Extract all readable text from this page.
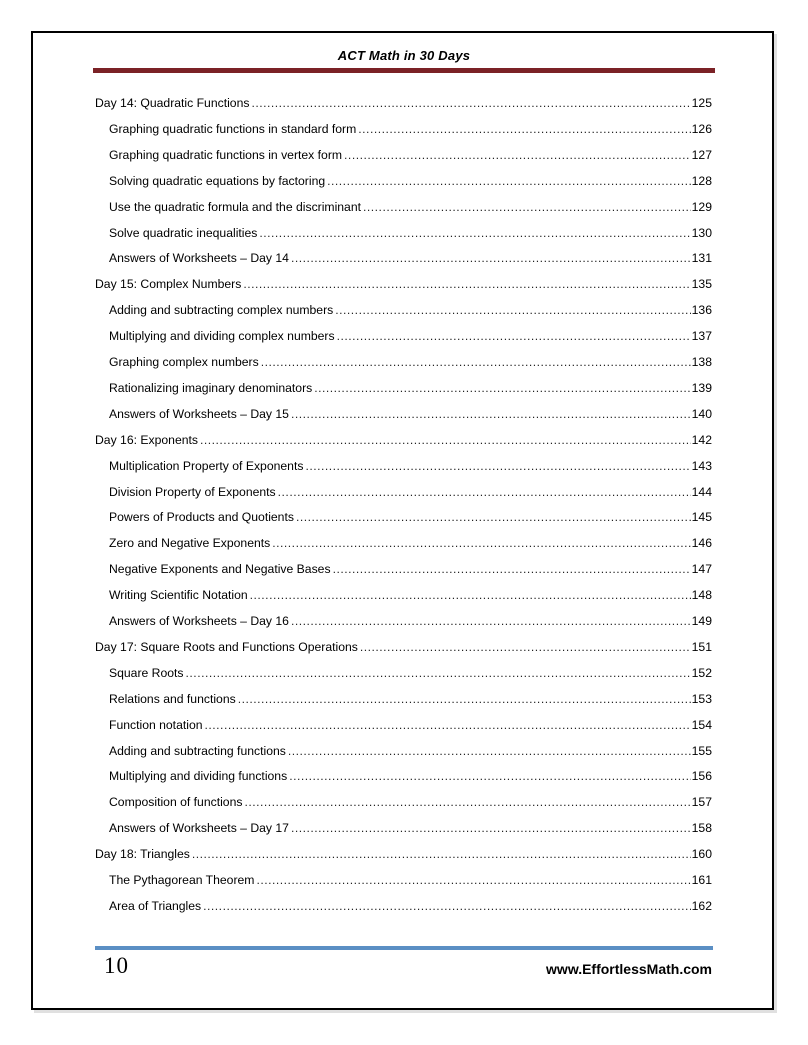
ACT Math in 30 Days
Day 14: Quadratic Functions .....	125
Graphing quadratic functions in standard form .....	126
Graphing quadratic functions in vertex form .....	127
Solving quadratic equations by factoring .....	128
Use the quadratic formula and the discriminant .....	129
Solve quadratic inequalities .....	130
Answers of Worksheets – Day 14 .....	131
Day 15: Complex Numbers .....	135
Adding and subtracting complex numbers .....	136
Multiplying and dividing complex numbers .....	137
Graphing complex numbers .....	138
Rationalizing imaginary denominators .....	139
Answers of Worksheets – Day 15 .....	140
Day 16: Exponents .....	142
Multiplication Property of Exponents .....	143
Division Property of Exponents .....	144
Powers of Products and Quotients .....	145
Zero and Negative Exponents .....	146
Negative Exponents and Negative Bases .....	147
Writing Scientific Notation .....	148
Answers of Worksheets – Day 16 .....	149
Day 17: Square Roots and Functions Operations .....	151
Square Roots .....	152
Relations and functions .....	153
Function notation .....	154
Adding and subtracting functions .....	155
Multiplying and dividing functions .....	156
Composition of functions .....	157
Answers of Worksheets – Day 17 .....	158
Day 18: Triangles .....	160
The Pythagorean Theorem .....	161
Area of Triangles .....	162
10	www.EffortlessMath.com
